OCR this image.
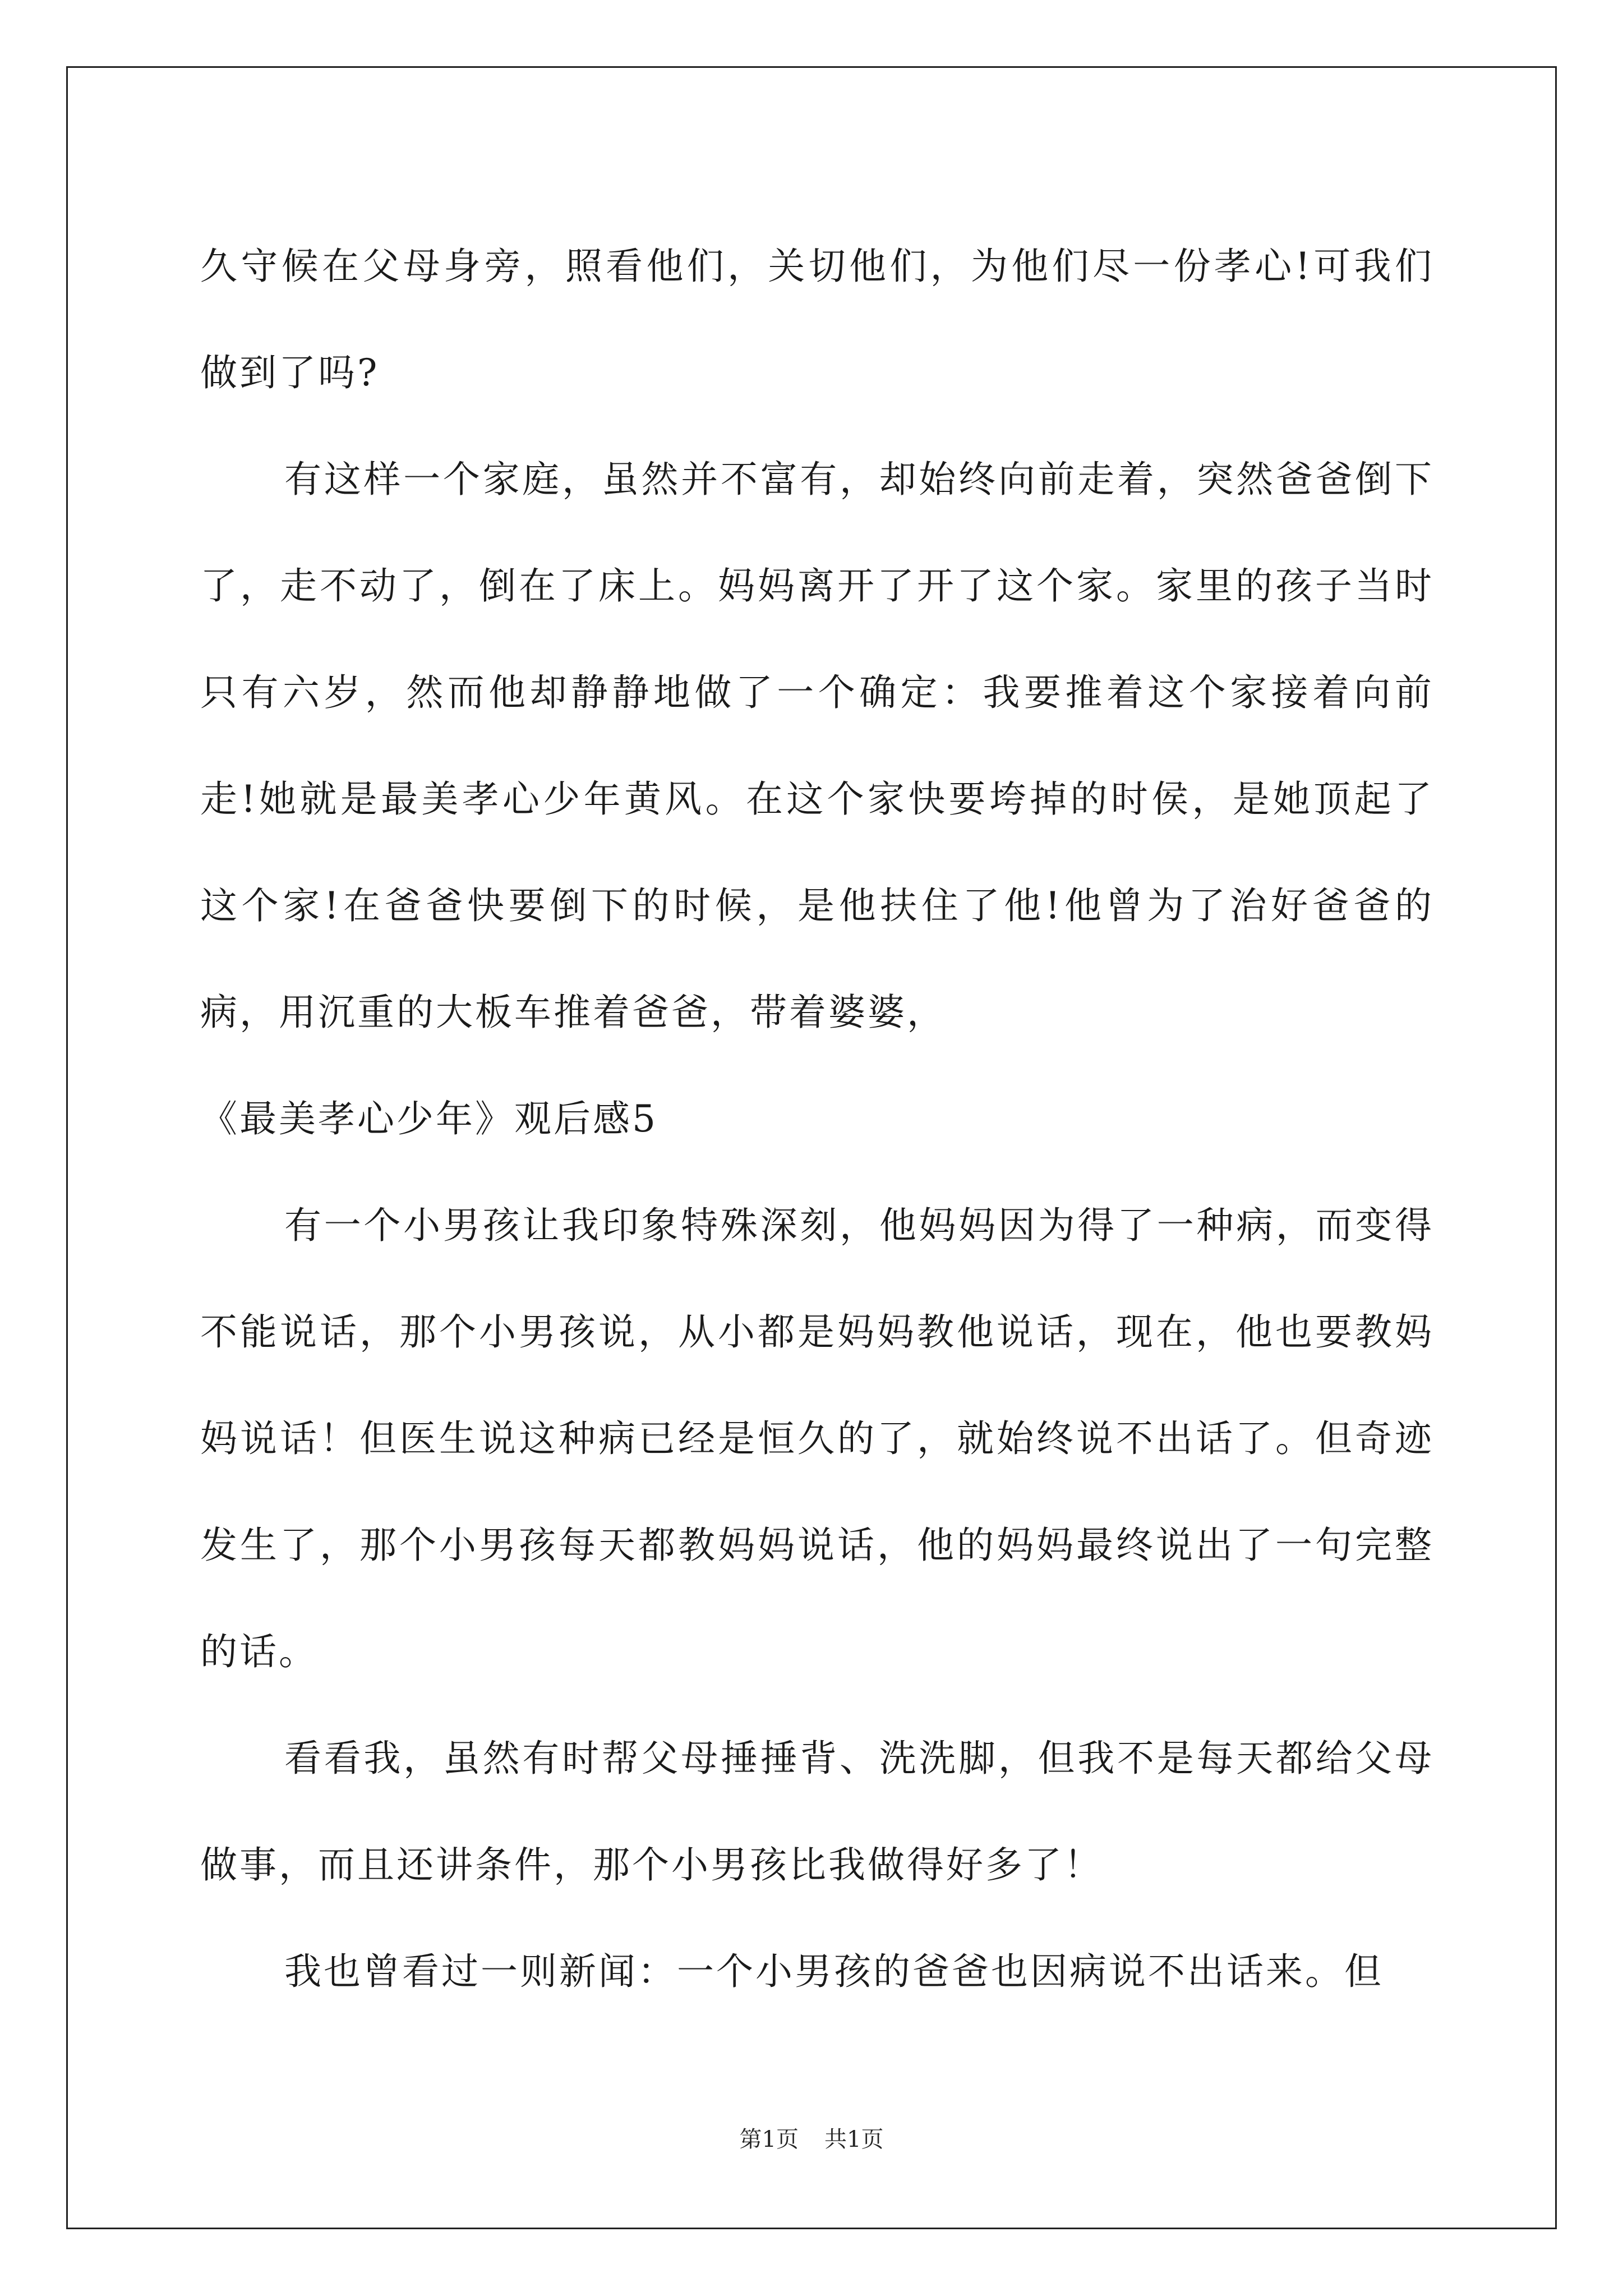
久守候在父母身旁，照看他们，关切他们，为他们尽一份孝心!可我们做到了吗?

有这样一个家庭，虽然并不富有，却始终向前走着，突然爸爸倒下了，走不动了，倒在了床上。妈妈离开了开了这个家。家里的孩子当时只有六岁，然而他却静静地做了一个确定：我要推着这个家接着向前走!她就是最美孝心少年黄风。在这个家快要垮掉的时侯，是她顶起了这个家!在爸爸快要倒下的时候，是他扶住了他!他曾为了治好爸爸的病，用沉重的大板车推着爸爸，带着婆婆，

《最美孝心少年》观后感5

有一个小男孩让我印象特殊深刻，他妈妈因为得了一种病，而变得不能说话，那个小男孩说，从小都是妈妈教他说话，现在，他也要教妈妈说话！但医生说这种病已经是恒久的了，就始终说不出话了。但奇迹发生了，那个小男孩每天都教妈妈说话，他的妈妈最终说出了一句完整的话。

看看我，虽然有时帮父母捶捶背、洗洗脚，但我不是每天都给父母做事，而且还讲条件，那个小男孩比我做得好多了！

我也曾看过一则新闻：一个小男孩的爸爸也因病说不出话来。但

第1页 共1页
